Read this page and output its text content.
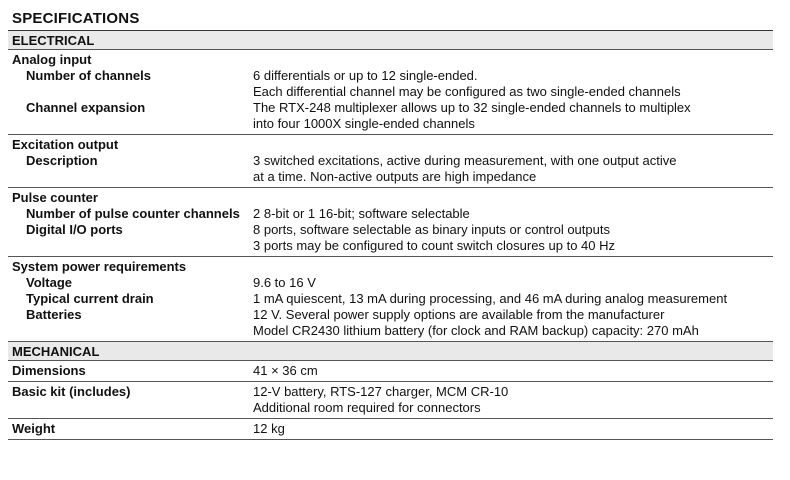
SPECIFICATIONS
ELECTRICAL
Analog input
Number of channels	6 differentials or up to 12 single-ended.
Each differential channel may be configured as two single-ended channels
Channel expansion	The RTX-248 multiplexer allows up to 32 single-ended channels to multiplex
into four 1000X single-ended channels
Excitation output
Description	3 switched excitations, active during measurement, with one output active
at a time. Non-active outputs are high impedance
Pulse counter
Number of pulse counter channels	2 8-bit or 1 16-bit; software selectable
Digital I/O ports	8 ports, software selectable as binary inputs or control outputs
3 ports may be configured to count switch closures up to 40 Hz
System power requirements
Voltage	9.6 to 16 V
Typical current drain	1 mA quiescent, 13 mA during processing, and 46 mA during analog measurement
Batteries	12 V. Several power supply options are available from the manufacturer
Model CR2430 lithium battery (for clock and RAM backup) capacity: 270 mAh
MECHANICAL
Dimensions	41 × 36 cm
Basic kit (includes)	12-V battery, RTS-127 charger, MCM CR-10
Additional room required for connectors
Weight	12 kg
